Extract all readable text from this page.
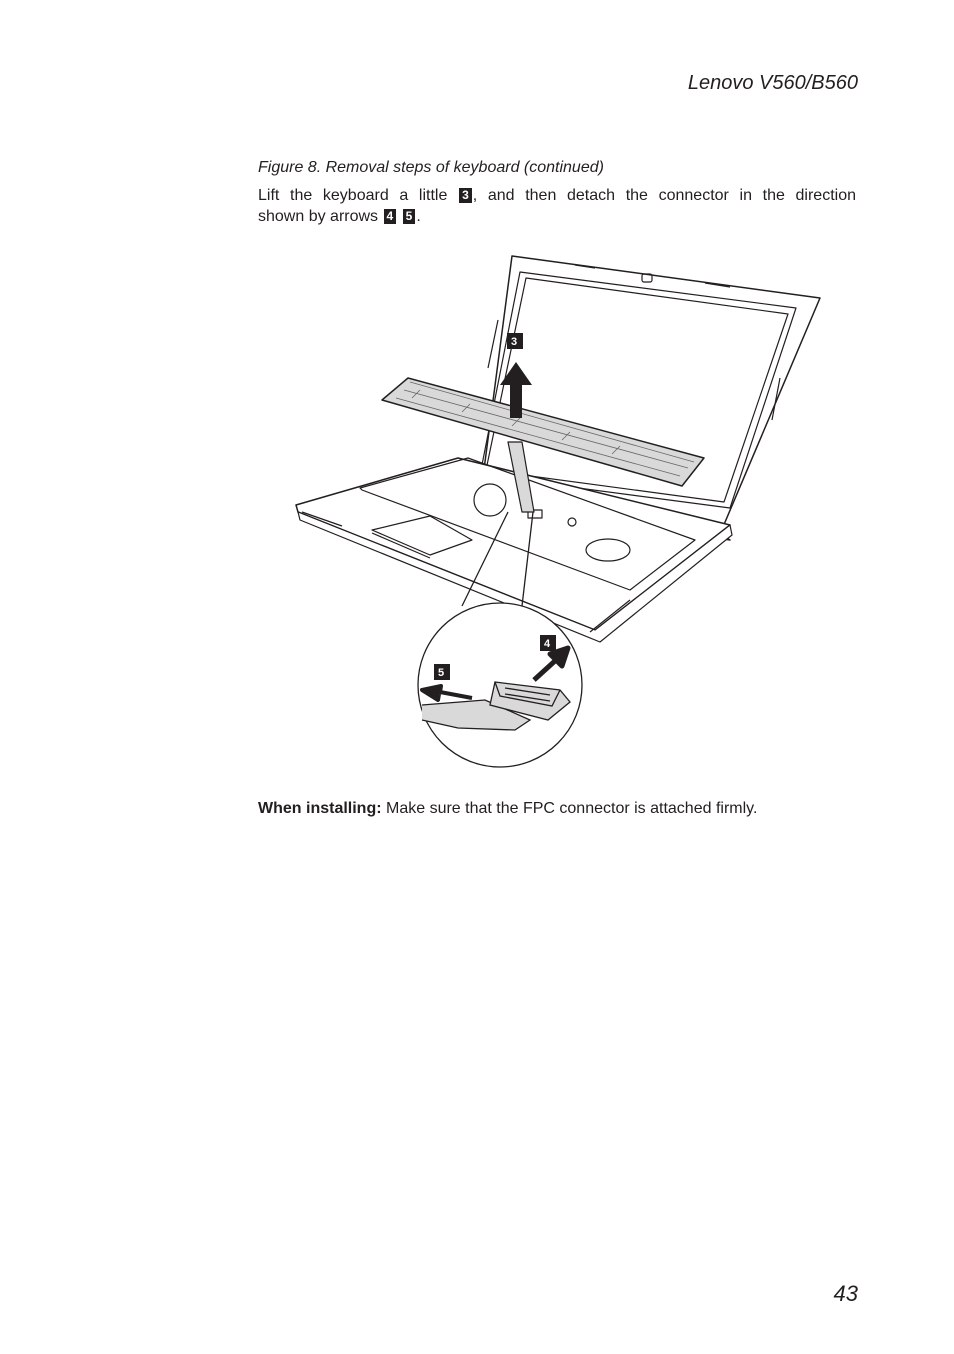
Lenovo V560/B560
Figure 8. Removal steps of keyboard (continued)
Lift the keyboard a little 3 , and then detach the connector in the direction
shown by arrows 4 5 .
3
4
5
When installing: Make sure that the FPC connector is attached firmly.
43
